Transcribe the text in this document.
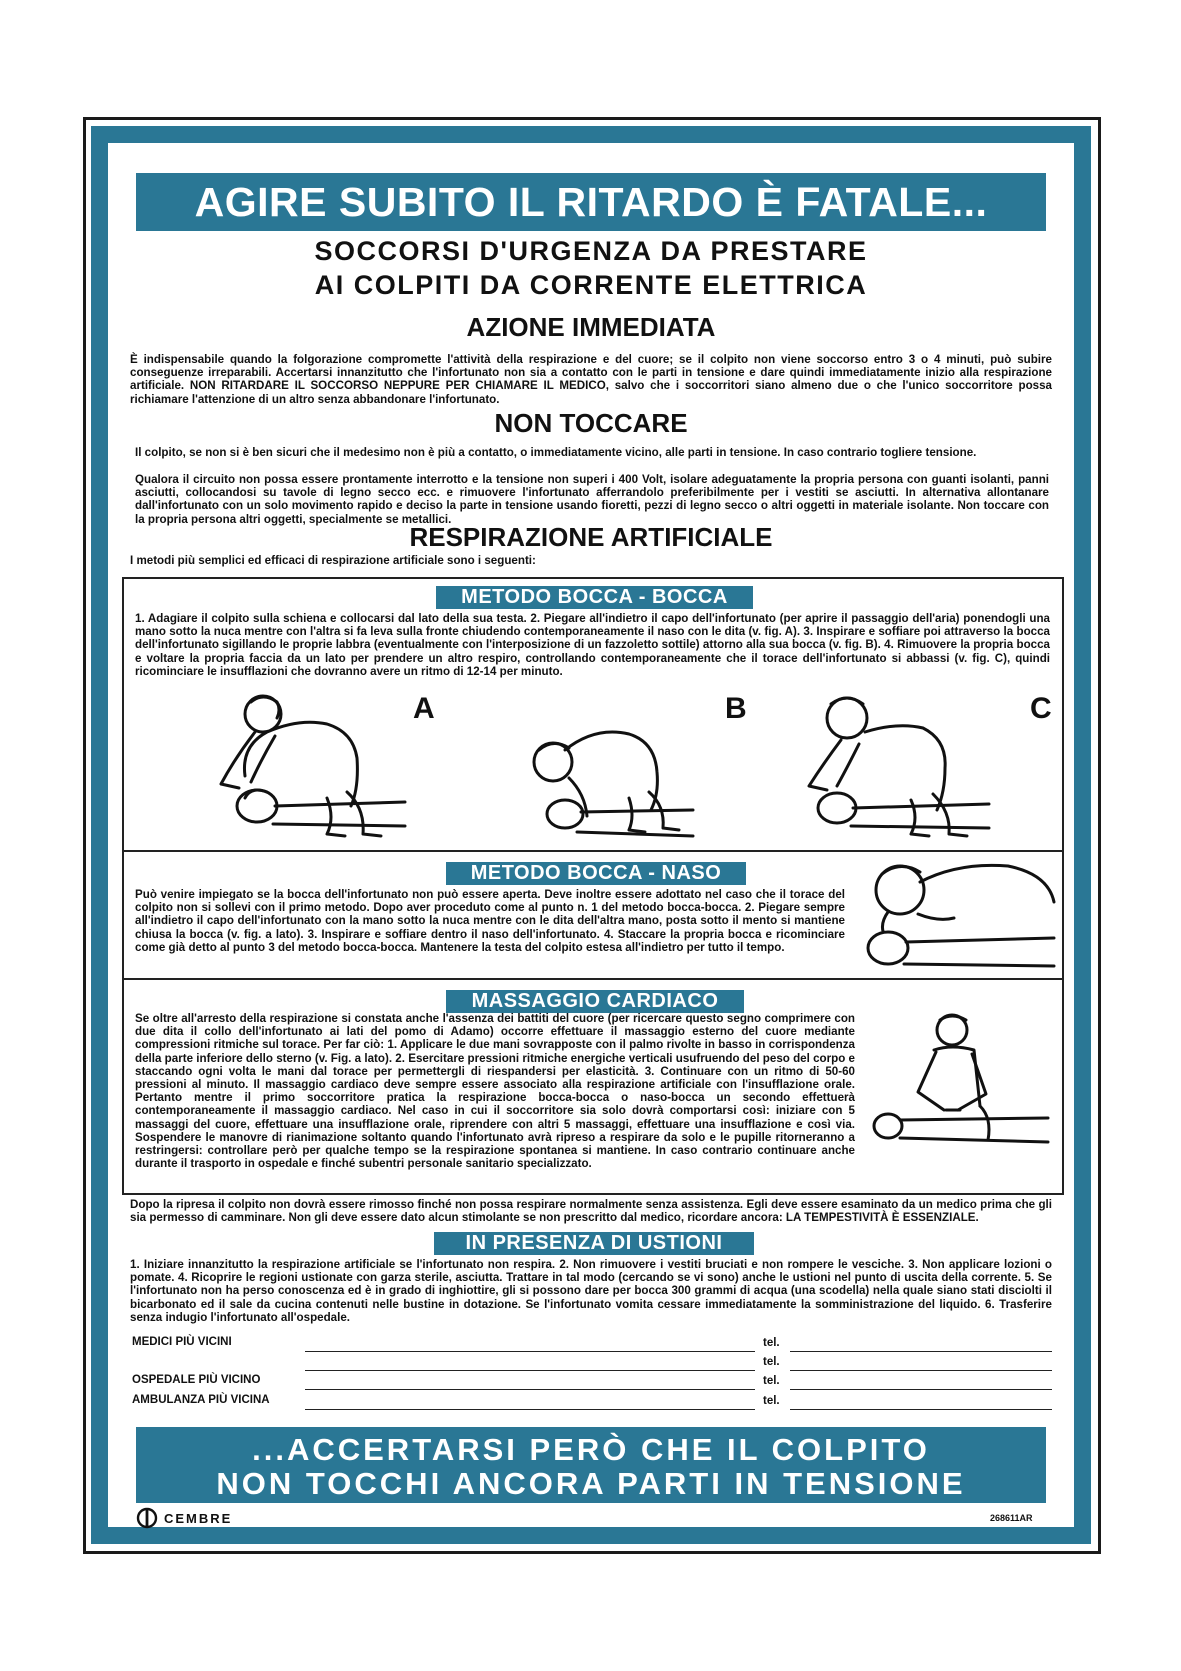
AGIRE SUBITO IL RITARDO È FATALE...
SOCCORSI D'URGENZA DA PRESTARE
AI COLPITI DA CORRENTE ELETTRICA
AZIONE IMMEDIATA

È indispensabile quando la folgorazione compromette l'attività della respirazione e del cuore; se il colpito non viene soccorso entro 3 o 4 minuti, può subire conseguenze irreparabili. Accertarsi innanzitutto che l'infortunato non sia a contatto con le parti in tensione e dare quindi immediatamente inizio alla respirazione artificiale. NON RITARDARE IL SOCCORSO NEPPURE PER CHIAMARE IL MEDICO, salvo che i soccorritori siano almeno due o che l'unico soccorritore possa richiamare l'attenzione di un altro senza abbandonare l'infortunato.

NON TOCCARE

Il colpito, se non si è ben sicuri che il medesimo non è più a contatto, o immediatamente vicino, alle parti in tensione. In caso contrario togliere tensione.

Qualora il circuito non possa essere prontamente interrotto e la tensione non superi i 400 Volt, isolare adeguatamente la propria persona con guanti isolanti, panni asciutti, collocandosi su tavole di legno secco ecc. e rimuovere l'infortunato afferrandolo preferibilmente per i vestiti se asciutti. In alternativa allontanare dall'infortunato con un solo movimento rapido e deciso la parte in tensione usando fioretti, pezzi di legno secco o altri oggetti in materiale isolante. Non toccare con la propria persona altri oggetti, specialmente se metallici.

RESPIRAZIONE ARTIFICIALE

I metodi più semplici ed efficaci di respirazione artificiale sono i seguenti:

METODO BOCCA - BOCCA

1. Adagiare il colpito sulla schiena e collocarsi dal lato della sua testa. 2. Piegare all'indietro il capo dell'infortunato (per aprire il passaggio dell'aria) ponendogli una mano sotto la nuca mentre con l'altra si fa leva sulla fronte chiudendo contemporaneamente il naso con le dita (v. fig. A). 3. Inspirare e soffiare poi attraverso la bocca dell'infortunato sigillando le proprie labbra (eventualmente con l'interposizione di un fazzoletto sottile) attorno alla sua bocca (v. fig. B). 4. Rimuovere la propria bocca e voltare la propria faccia da un lato per prendere un altro respiro, controllando contemporaneamente che il torace dell'infortunato si abbassi (v. fig. C), quindi ricominciare le insufflazioni che dovranno avere un ritmo di 12-14 per minuto.

A	B	C
METODO BOCCA - NASO

Può venire impiegato se la bocca dell'infortunato non può essere aperta. Deve inoltre essere adottato nel caso che il torace del colpito non si sollevi con il primo metodo. Dopo aver proceduto come al punto n. 1 del metodo bocca-bocca. 2. Piegare sempre all'indietro il capo dell'infortunato con la mano sotto la nuca mentre con le dita dell'altra mano, posta sotto il mento si mantiene chiusa la bocca (v. fig. a lato). 3. Inspirare e soffiare dentro il naso dell'infortunato. 4. Staccare la propria bocca e ricominciare come già detto al punto 3 del metodo bocca-bocca. Mantenere la testa del colpito estesa all'indietro per tutto il tempo.

MASSAGGIO CARDIACO

Se oltre all'arresto della respirazione si constata anche l'assenza dei battiti del cuore (per ricercare questo segno comprimere con due dita il collo dell'infortunato ai lati del pomo di Adamo) occorre effettuare il massaggio esterno del cuore mediante compressioni ritmiche sul torace. Per far ciò: 1. Applicare le due mani sovrapposte con il palmo rivolte in basso in corrispondenza della parte inferiore dello sterno (v. Fig. a lato). 2. Esercitare pressioni ritmiche energiche verticali usufruendo del peso del corpo e staccando ogni volta le mani dal torace per permettergli di riespandersi per elasticità. 3. Continuare con un ritmo di 50-60 pressioni al minuto. Il massaggio cardiaco deve sempre essere associato alla respirazione artificiale con l'insufflazione orale. Pertanto mentre il primo soccorritore pratica la respirazione bocca-bocca o naso-bocca un secondo effettuerà contemporaneamente il massaggio cardiaco. Nel caso in cui il soccorritore sia solo dovrà comportarsi così: iniziare con 5 massaggi del cuore, effettuare una insufflazione orale, riprendere con altri 5 massaggi, effettuare una insufflazione e così via. Sospendere le manovre di rianimazione soltanto quando l'infortunato avrà ripreso a respirare da solo e le pupille ritorneranno a restringersi: controllare però per qualche tempo se la respirazione spontanea si mantiene. In caso contrario continuare anche durante il trasporto in ospedale e finché subentri personale sanitario specializzato.

Dopo la ripresa il colpito non dovrà essere rimosso finché non possa respirare normalmente senza assistenza. Egli deve essere esaminato da un medico prima che gli sia permesso di camminare. Non gli deve essere dato alcun stimolante se non prescritto dal medico, ricordare ancora: LA TEMPESTIVITÀ È ESSENZIALE.

IN PRESENZA DI USTIONI

1. Iniziare innanzitutto la respirazione artificiale se l'infortunato non respira. 2. Non rimuovere i vestiti bruciati e non rompere le vesciche. 3. Non applicare lozioni o pomate. 4. Ricoprire le regioni ustionate con garza sterile, asciutta. Trattare in tal modo (cercando se vi sono) anche le ustioni nel punto di uscita della corrente. 5. Se l'infortunato non ha perso conoscenza ed è in grado di inghiottire, gli si possono dare per bocca 300 grammi di acqua (una scodella) nella quale siano stati disciolti il bicarbonato ed il sale da cucina contenuti nelle bustine in dotazione. Se l'infortunato vomita cessare immediatamente la somministrazione del liquido. 6. Trasferire senza indugio l'infortunato all'ospedale.

MEDICI PIÙ VICINI	tel.
tel.
OSPEDALE PIÙ VICINO	tel.
AMBULANZA PIÙ VICINA	tel.
...ACCERTARSI PERÒ CHE IL COLPITO
NON TOCCHI ANCORA PARTI IN TENSIONE
CEMBRE	268611AR
